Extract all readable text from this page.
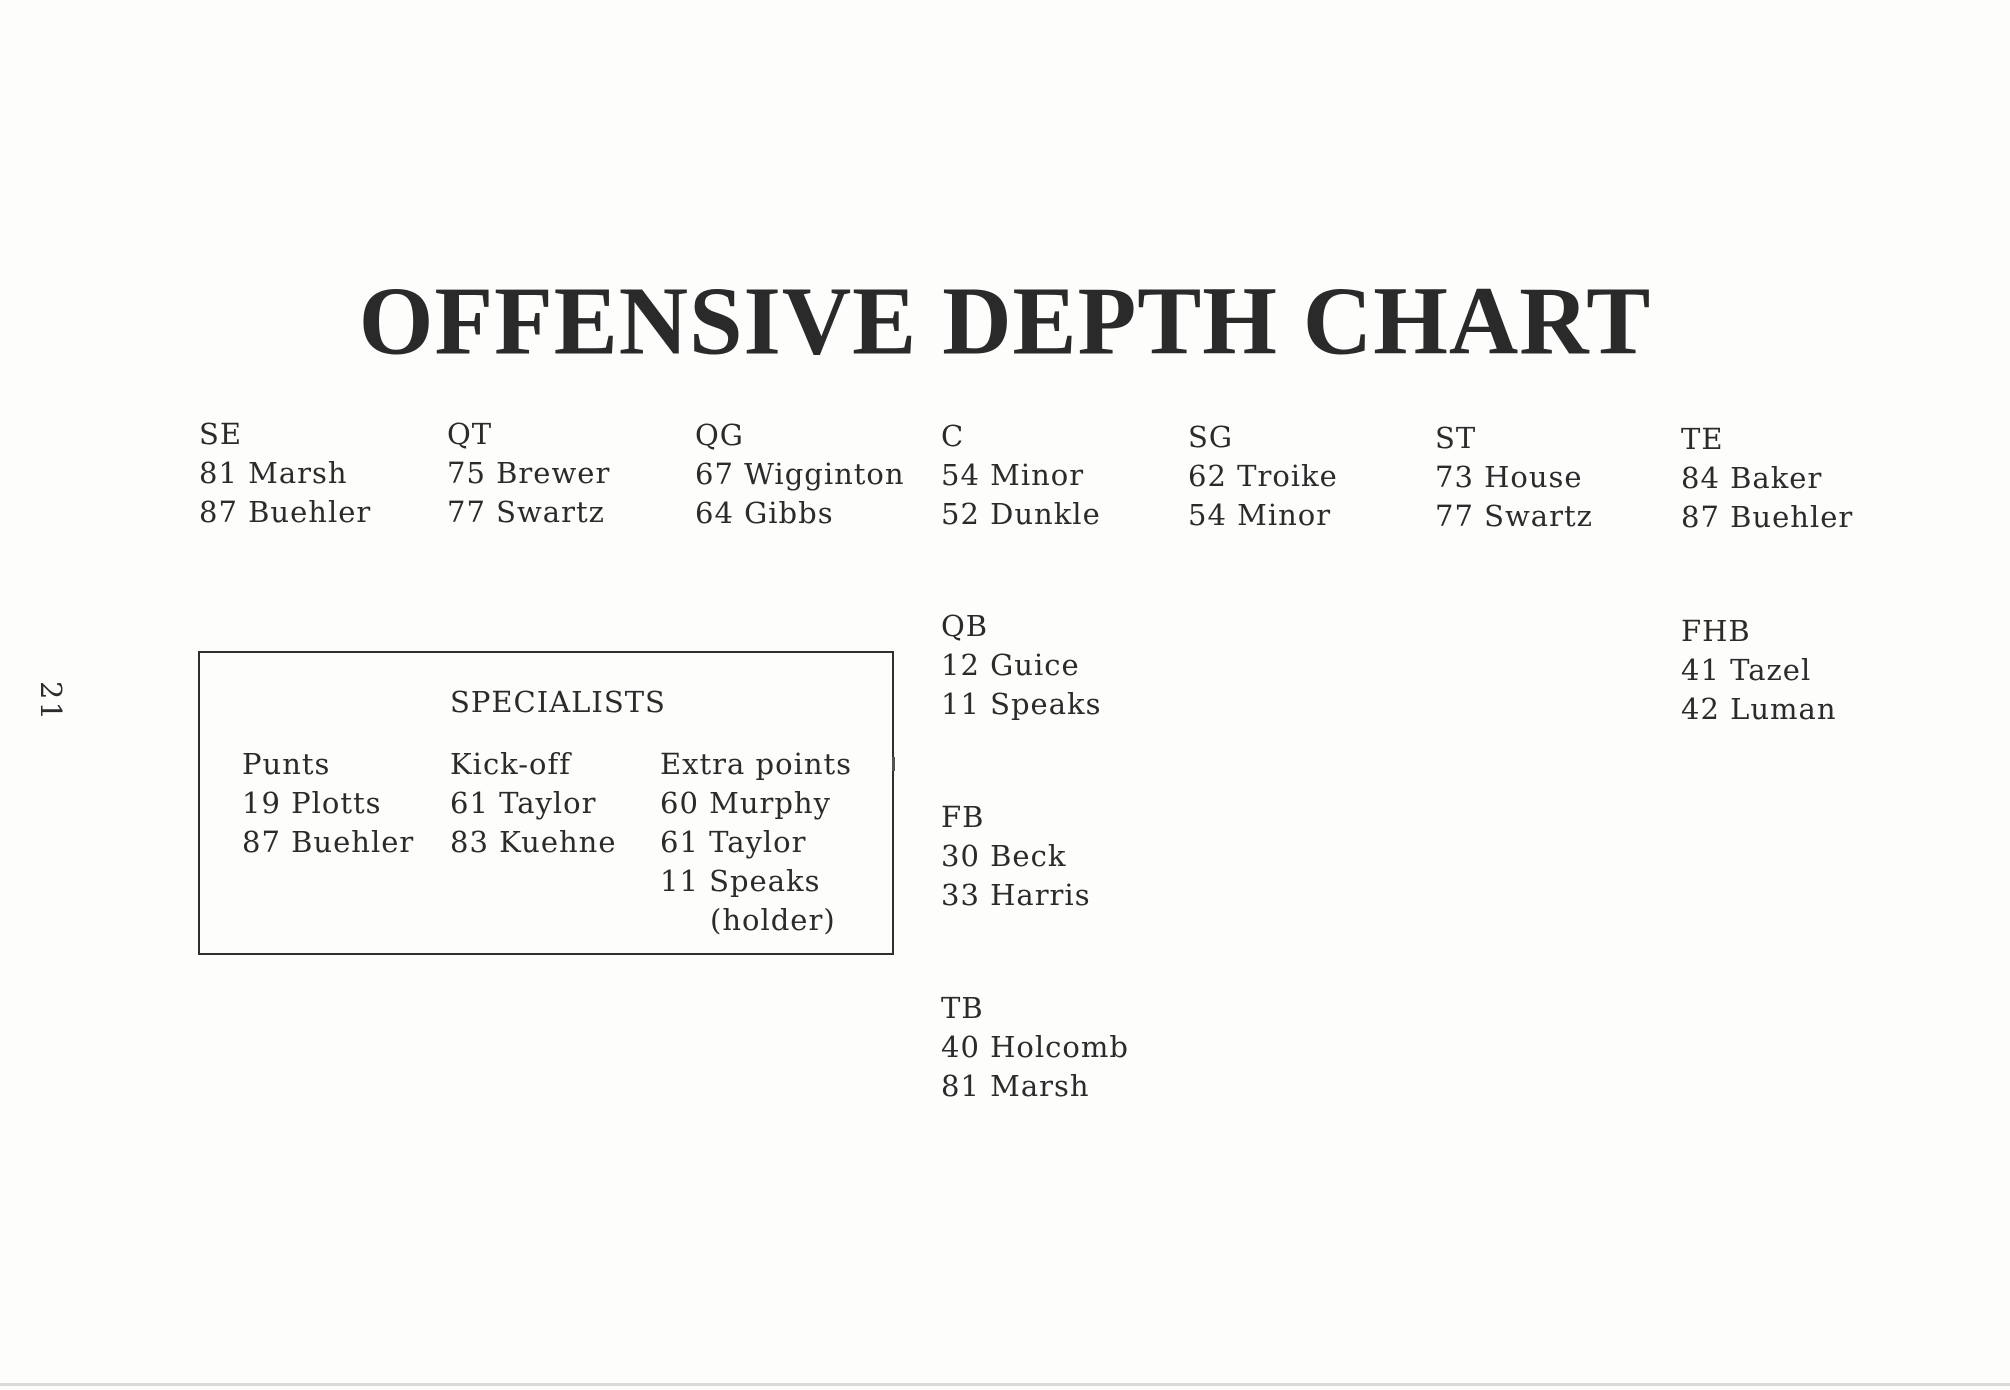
OFFENSIVE DEPTH CHART
21
SE
81 Marsh
87 Buehler
QT
75 Brewer
77 Swartz
QG
67 Wigginton
64 Gibbs
C
54 Minor
52 Dunkle
SG
62 Troike
54 Minor
ST
73 House
77 Swartz
TE
84 Baker
87 Buehler
QB
12 Guice
11 Speaks
FB
30 Beck
33 Harris
TB
40 Holcomb
81 Marsh
FHB
41 Tazel
42 Luman
SPECIALISTS
Punts
19 Plotts
87 Buehler
Kick-off
61 Taylor
83 Kuehne
Extra points
60 Murphy
61 Taylor
11 Speaks
(holder)
